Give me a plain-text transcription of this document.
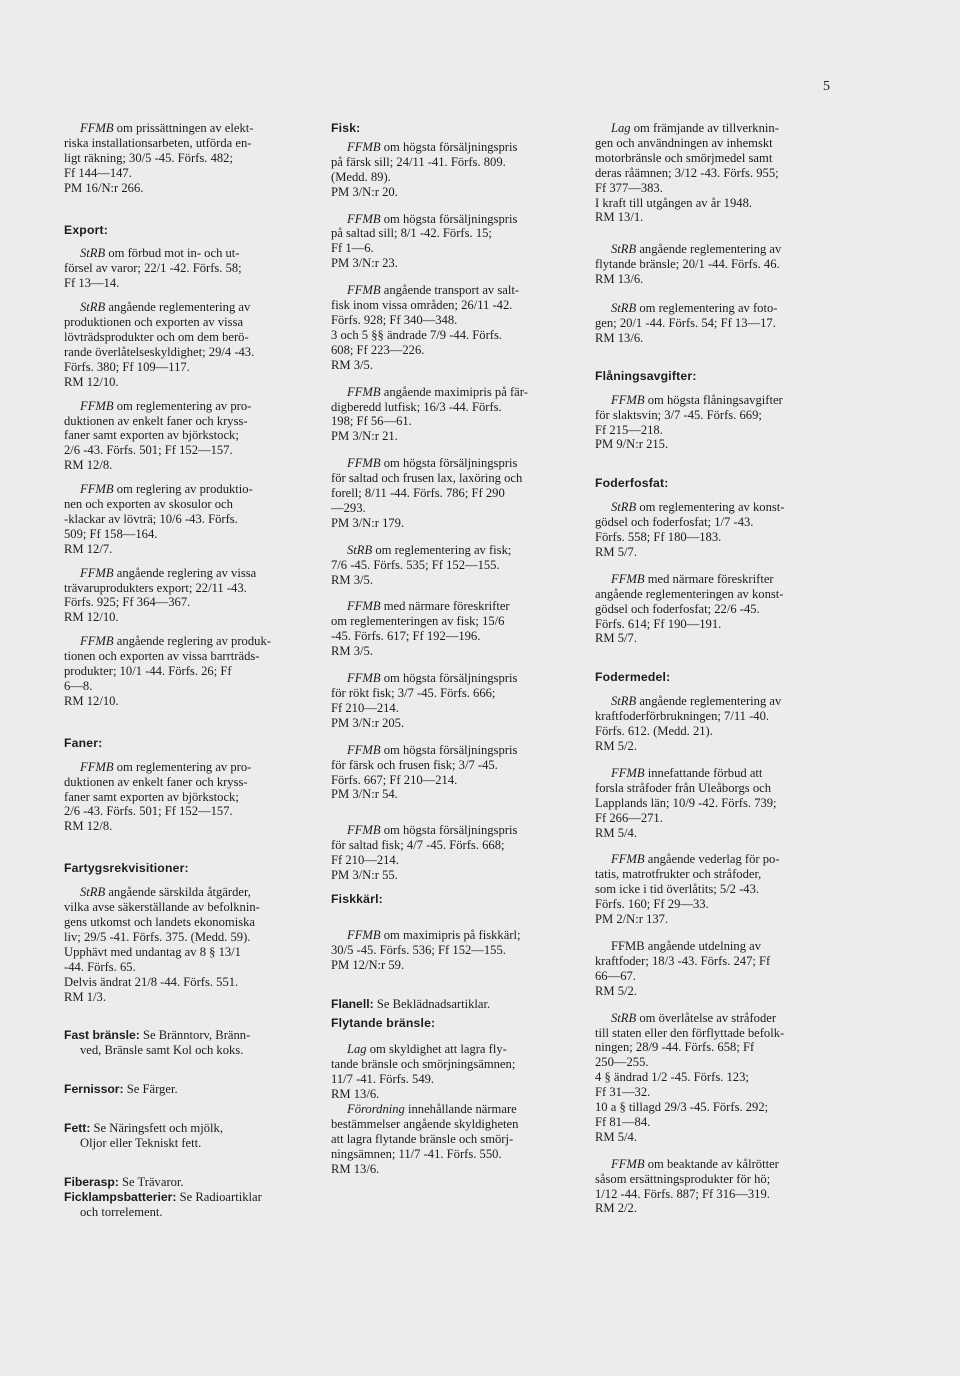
5
FFMB om prissättningen av elekt-
riska installationsarbeten, utförda en-
ligt räkning; 30/5 -45. Förfs. 482;
Ff 144—147.
PM 16/N:r 266.
Export:
StRB om förbud mot in- och ut-
försel av varor; 22/1 -42. Förfs. 58;
Ff 13—14.
StRB angående reglementering av
produktionen och exporten av vissa
lövträdsprodukter och om dem berö-
rande överlåtelseskyldighet; 29/4 -43.
Förfs. 380; Ff 109—117.
RM 12/10.
FFMB om reglementering av pro-
duktionen av enkelt faner och kryss-
faner samt exporten av björkstock;
2/6 -43. Förfs. 501; Ff 152—157.
RM 12/8.
FFMB om reglering av produktio-
nen och exporten av skosulor och
-klackar av lövträ; 10/6 -43. Förfs.
509; Ff 158—164.
RM 12/7.
FFMB angående reglering av vissa
trävaruprodukters export; 22/11 -43.
Förfs. 925; Ff 364—367.
RM 12/10.
FFMB angående reglering av produk-
tionen och exporten av vissa barrträds-
produkter; 10/1 -44. Förfs. 26; Ff
6—8.
RM 12/10.
Faner:
FFMB om reglementering av pro-
duktionen av enkelt faner och kryss-
faner samt exporten av björkstock;
2/6 -43. Förfs. 501; Ff 152—157.
RM 12/8.
Fartygsrekvisitioner:
StRB angående särskilda åtgärder,
vilka avse säkerställande av befolknin-
gens utkomst och landets ekonomiska
liv; 29/5 -41. Förfs. 375. (Medd. 59).
Upphävt med undantag av 8 § 13/1
-44. Förfs. 65.
Delvis ändrat 21/8 -44. Förfs. 551.
RM 1/3.
Fast bränsle: Se Bränntorv, Bränn-
ved, Bränsle samt Kol och koks.
Fernissor: Se Färger.
Fett: Se Näringsfett och mjölk,
Oljor eller Tekniskt fett.
Fiberasp: Se Trävaror.
Ficklampsbatterier: Se Radioartiklar
och torrelement.
Fisk:
FFMB om högsta försäljningspris
på färsk sill; 24/11 -41. Förfs. 809.
(Medd. 89).
PM 3/N:r 20.
FFMB om högsta försäljningspris
på saltad sill; 8/1 -42. Förfs. 15;
Ff 1—6.
PM 3/N:r 23.
FFMB angående transport av salt-
fisk inom vissa områden; 26/11 -42.
Förfs. 928; Ff 340—348.
3 och 5 §§ ändrade 7/9 -44. Förfs.
608; Ff 223—226.
RM 3/5.
FFMB angående maximipris på fär-
digberedd lutfisk; 16/3 -44. Förfs.
198; Ff 56—61.
PM 3/N:r 21.
FFMB om högsta försäljningspris
för saltad och frusen lax, laxöring och
forell; 8/11 -44. Förfs. 786; Ff 290
—293.
PM 3/N:r 179.
StRB om reglementering av fisk;
7/6 -45. Förfs. 535; Ff 152—155.
RM 3/5.
FFMB med närmare föreskrifter
om reglementeringen av fisk; 15/6
-45. Förfs. 617; Ff 192—196.
RM 3/5.
FFMB om högsta försäljningspris
för rökt fisk; 3/7 -45. Förfs. 666;
Ff 210—214.
PM 3/N:r 205.
FFMB om högsta försäljningspris
för färsk och frusen fisk; 3/7 -45.
Förfs. 667; Ff 210—214.
PM 3/N:r 54.
FFMB om högsta försäljningspris
för saltad fisk; 4/7 -45. Förfs. 668;
Ff 210—214.
PM 3/N:r 55.
Fiskkärl:
FFMB om maximipris på fiskkärl;
30/5 -45. Förfs. 536; Ff 152—155.
PM 12/N:r 59.
Flanell: Se Beklädnadsartiklar.
Flytande bränsle:
Lag om skyldighet att lagra fly-
tande bränsle och smörjningsämnen;
11/7 -41. Förfs. 549.
RM 13/6.
Förordning innehållande närmare
bestämmelser angående skyldigheten
att lagra flytande bränsle och smörj-
ningsämnen; 11/7 -41. Förfs. 550.
RM 13/6.
Lag om främjande av tillverknin-
gen och användningen av inhemskt
motorbränsle och smörjmedel samt
deras råämnen; 3/12 -43. Förfs. 955;
Ff 377—383.
I kraft till utgången av år 1948.
RM 13/1.
StRB angående reglementering av
flytande bränsle; 20/1 -44. Förfs. 46.
RM 13/6.
StRB om reglementering av foto-
gen; 20/1 -44. Förfs. 54; Ff 13—17.
RM 13/6.
Flåningsavgifter:
FFMB om högsta flåningsavgifter
för slaktsvin; 3/7 -45. Förfs. 669;
Ff 215—218.
PM 9/N:r 215.
Foderfosfat:
StRB om reglementering av konst-
gödsel och foderfosfat; 1/7 -43.
Förfs. 558; Ff 180—183.
RM 5/7.
FFMB med närmare föreskrifter
angående reglementeringen av konst-
gödsel och foderfosfat; 22/6 -45.
Förfs. 614; Ff 190—191.
RM 5/7.
Fodermedel:
StRB angående reglementering av
kraftfoderförbrukningen; 7/11 -40.
Förfs. 612. (Medd. 21).
RM 5/2.
FFMB innefattande förbud att
forsla stråfoder från Uleåborgs och
Lapplands län; 10/9 -42. Förfs. 739;
Ff 266—271.
RM 5/4.
FFMB angående vederlag för po-
tatis, matrotfrukter och stråfoder,
som icke i tid överlåtits; 5/2 -43.
Förfs. 160; Ff 29—33.
PM 2/N:r 137.
FFMB angående utdelning av
kraftfoder; 18/3 -43. Förfs. 247; Ff
66—67.
RM 5/2.
StRB om överlåtelse av stråfoder
till staten eller den förflyttade befolk-
ningen; 28/9 -44. Förfs. 658; Ff
250—255.
4 § ändrad 1/2 -45. Förfs. 123;
Ff 31—32.
10 a § tillagd 29/3 -45. Förfs. 292;
Ff 81—84.
RM 5/4.
FFMB om beaktande av kålrötter
såsom ersättningsprodukter för hö;
1/12 -44. Förfs. 887; Ff 316—319.
RM 2/2.
